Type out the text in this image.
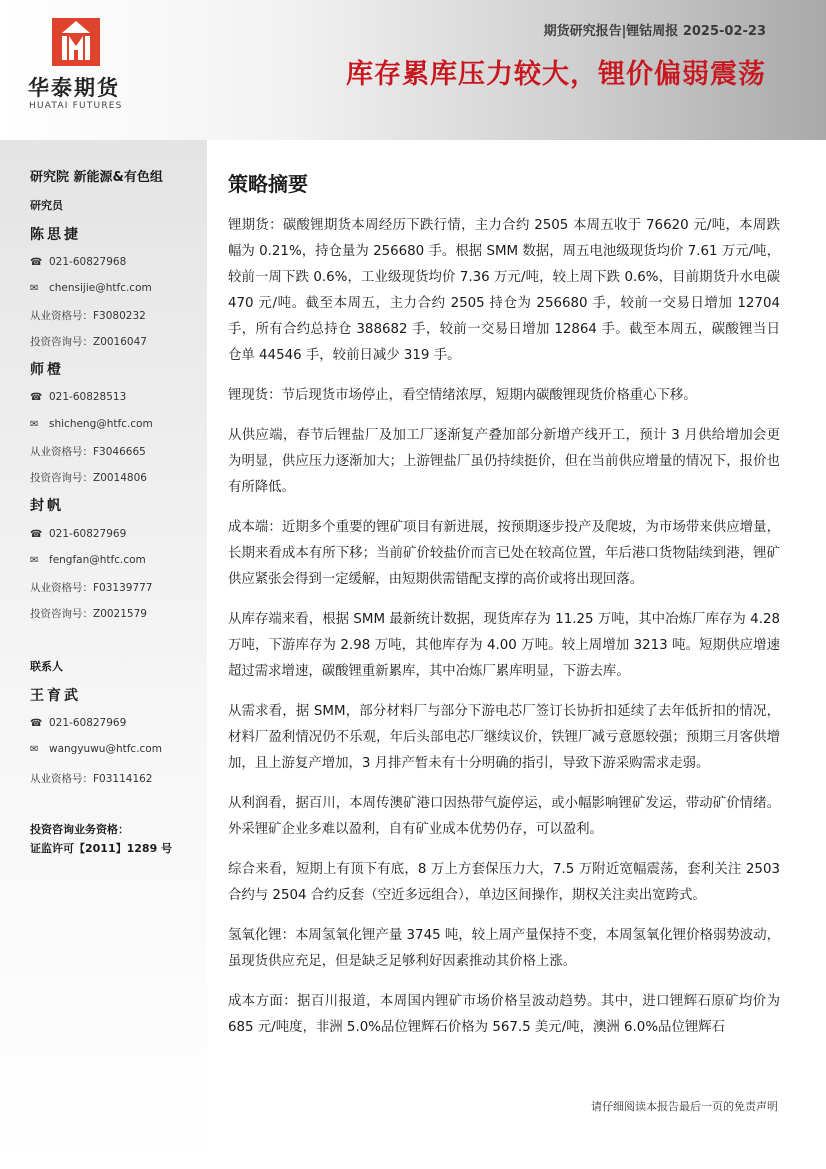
华泰期货
HUATAI FUTURES
期货研究报告|锂钴周报 2025-02-23
库存累库压力较大，锂价偏弱震荡
研究院 新能源&有色组
研究员
陈思捷
☎ 021-60827968
✉ chensijie@htfc.com
从业资格号：F3080232
投资咨询号：Z0016047
师橙
☎ 021-60828513
✉ shicheng@htfc.com
从业资格号：F3046665
投资咨询号：Z0014806
封帆
☎ 021-60827969
✉ fengfan@htfc.com
从业资格号：F03139777
投资咨询号：Z0021579
联系人
王育武
☎ 021-60827969
✉ wangyuwu@htfc.com
从业资格号：F03114162
投资咨询业务资格：
证监许可【2011】1289 号
策略摘要

锂期货：碳酸锂期货本周经历下跌行情，主力合约 2505 本周五收于 76620 元/吨，本周跌幅为 0.21%，持仓量为 256680 手。根据 SMM 数据，周五电池级现货均价 7.61 万元/吨，较前一周下跌 0.6%，工业级现货均价 7.36 万元/吨，较上周下跌 0.6%，目前期货升水电碳 470 元/吨。截至本周五，主力合约 2505 持仓为 256680 手，较前一交易日增加 12704 手，所有合约总持仓 388682 手，较前一交易日增加 12864 手。截至本周五，碳酸锂当日仓单 44546 手，较前日减少 319 手。

锂现货：节后现货市场停止，看空情绪浓厚，短期内碳酸锂现货价格重心下移。

从供应端，春节后锂盐厂及加工厂逐渐复产叠加部分新增产线开工，预计 3 月供给增加会更为明显，供应压力逐渐加大；上游锂盐厂虽仍持续挺价，但在当前供应增量的情况下，报价也有所降低。

成本端：近期多个重要的锂矿项目有新进展，按预期逐步投产及爬坡，为市场带来供应增量，长期来看成本有所下移；当前矿价较盐价而言已处在较高位置，年后港口货物陆续到港，锂矿供应紧张会得到一定缓解，由短期供需错配支撑的高价或将出现回落。

从库存端来看，根据 SMM 最新统计数据，现货库存为 11.25 万吨，其中冶炼厂库存为 4.28 万吨，下游库存为 2.98 万吨，其他库存为 4.00 万吨。较上周增加 3213 吨。短期供应增速超过需求增速，碳酸锂重新累库，其中冶炼厂累库明显，下游去库。

从需求看，据 SMM，部分材料厂与部分下游电芯厂签订长协折扣延续了去年低折扣的情况，材料厂盈利情况仍不乐观，年后头部电芯厂继续议价，铁锂厂减亏意愿较强；预期三月客供增加，且上游复产增加，3 月排产暂未有十分明确的指引，导致下游采购需求走弱。

从利润看，据百川，本周传澳矿港口因热带气旋停运，或小幅影响锂矿发运，带动矿价情绪。外采锂矿企业多难以盈利，自有矿业成本优势仍存，可以盈利。

综合来看，短期上有顶下有底，8 万上方套保压力大，7.5 万附近宽幅震荡，套利关注 2503 合约与 2504 合约反套（空近多远组合），单边区间操作，期权关注卖出宽跨式。

氢氧化锂：本周氢氧化锂产量 3745 吨，较上周产量保持不变，本周氢氧化锂价格弱势波动，虽现货供应充足，但是缺乏足够利好因素推动其价格上涨。

成本方面：据百川报道，本周国内锂矿市场价格呈波动趋势。其中，进口锂辉石原矿均价为 685 元/吨度，非洲 5.0%品位锂辉石价格为 567.5 美元/吨，澳洲 6.0%品位锂辉石

请仔细阅读本报告最后一页的免责声明
